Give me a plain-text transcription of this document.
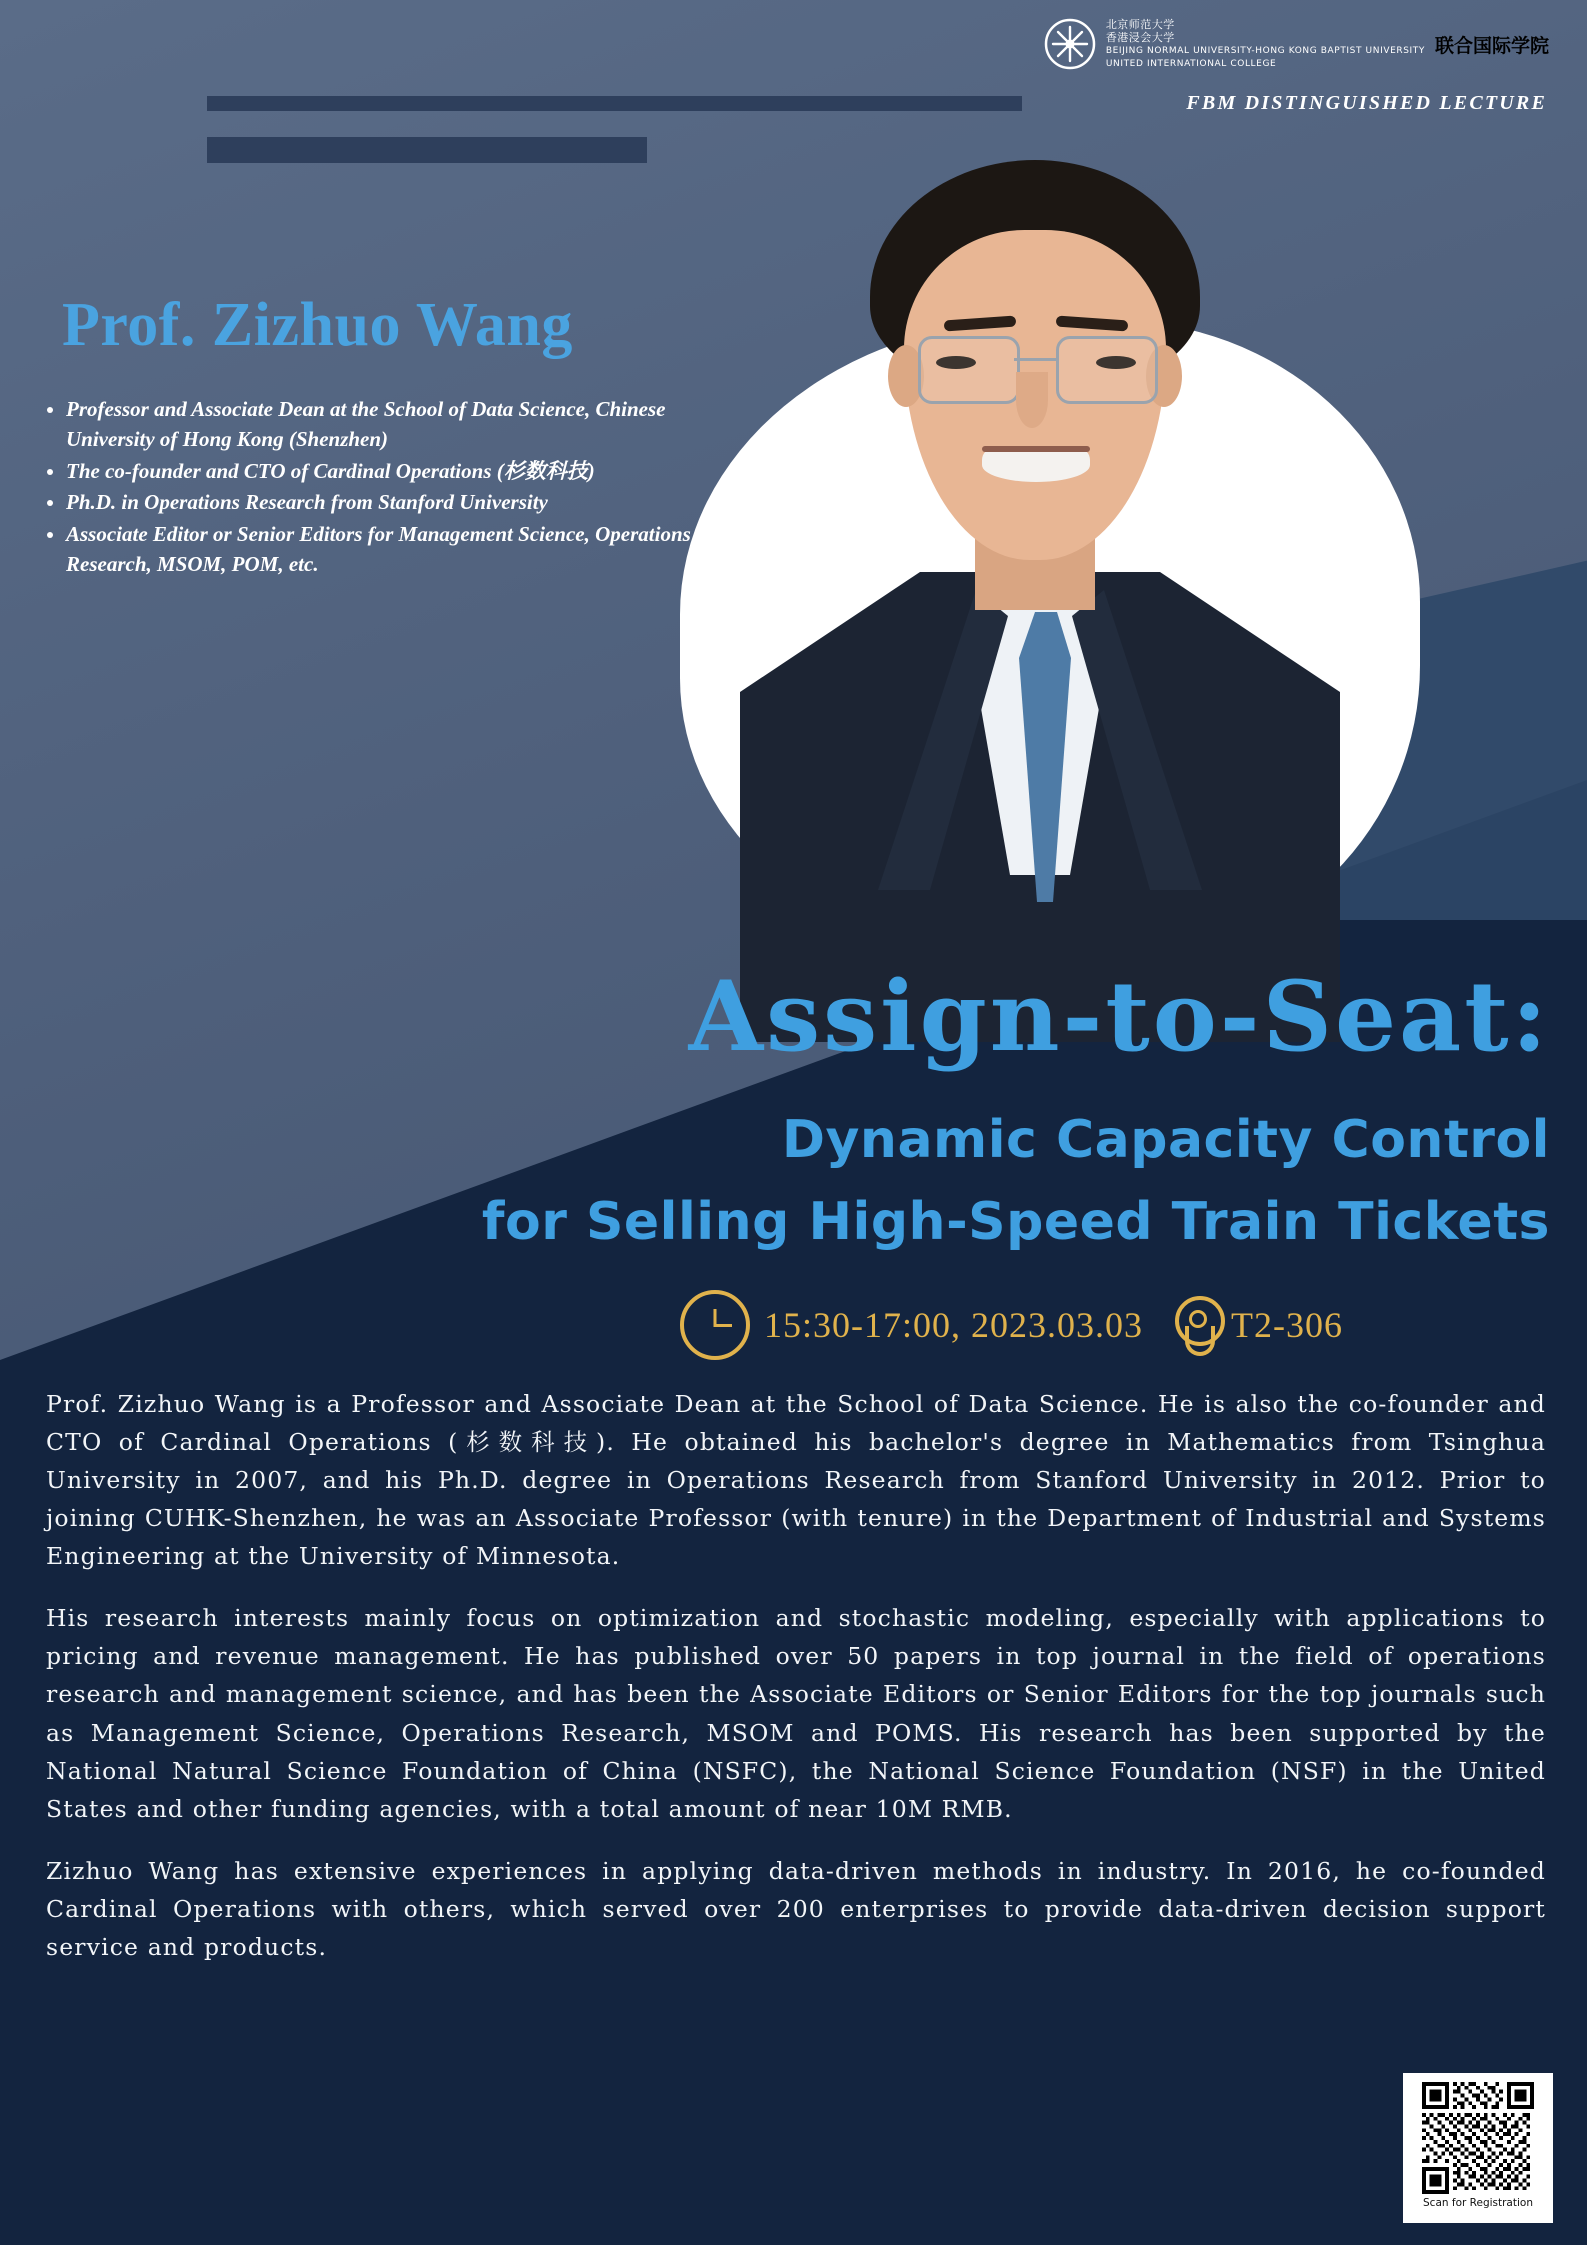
北京师范大学
香港浸会大学
BEIJING NORMAL UNIVERSITY-HONG KONG BAPTIST UNIVERSITY
UNITED INTERNATIONAL COLLEGE
联合国际学院
FBM DISTINGUISHED LECTURE
Prof. Zizhuo Wang
• Professor and Associate Dean at the School of Data Science, Chinese University of Hong Kong (Shenzhen)
• The co-founder and CTO of Cardinal Operations (杉数科技)
• Ph.D. in Operations Research from Stanford University
• Associate Editor or Senior Editors for Management Science, Operations Research, MSOM, POM, etc.
Assign-to-Seat:
Dynamic Capacity Control
for Selling High-Speed Train Tickets
15:30-17:00, 2023.03.03 T2-306

Prof. Zizhuo Wang is a Professor and Associate Dean at the School of Data Science. He is also the co-founder and CTO of Cardinal Operations (杉数科技). He obtained his bachelor's degree in Mathematics from Tsinghua University in 2007, and his Ph.D. degree in Operations Research from Stanford University in 2012. Prior to joining CUHK-Shenzhen, he was an Associate Professor (with tenure) in the Department of Industrial and Systems Engineering at the University of Minnesota.

His research interests mainly focus on optimization and stochastic modeling, especially with applications to pricing and revenue management. He has published over 50 papers in top journal in the field of operations research and management science, and has been the Associate Editors or Senior Editors for the top journals such as Management Science, Operations Research, MSOM and POMS. His research has been supported by the National Natural Science Foundation of China (NSFC), the National Science Foundation (NSF) in the United States and other funding agencies, with a total amount of near 10M RMB.

Zizhuo Wang has extensive experiences in applying data-driven methods in industry. In 2016, he co-founded Cardinal Operations with others, which served over 200 enterprises to provide data-driven decision support service and products.

Scan for Registration
